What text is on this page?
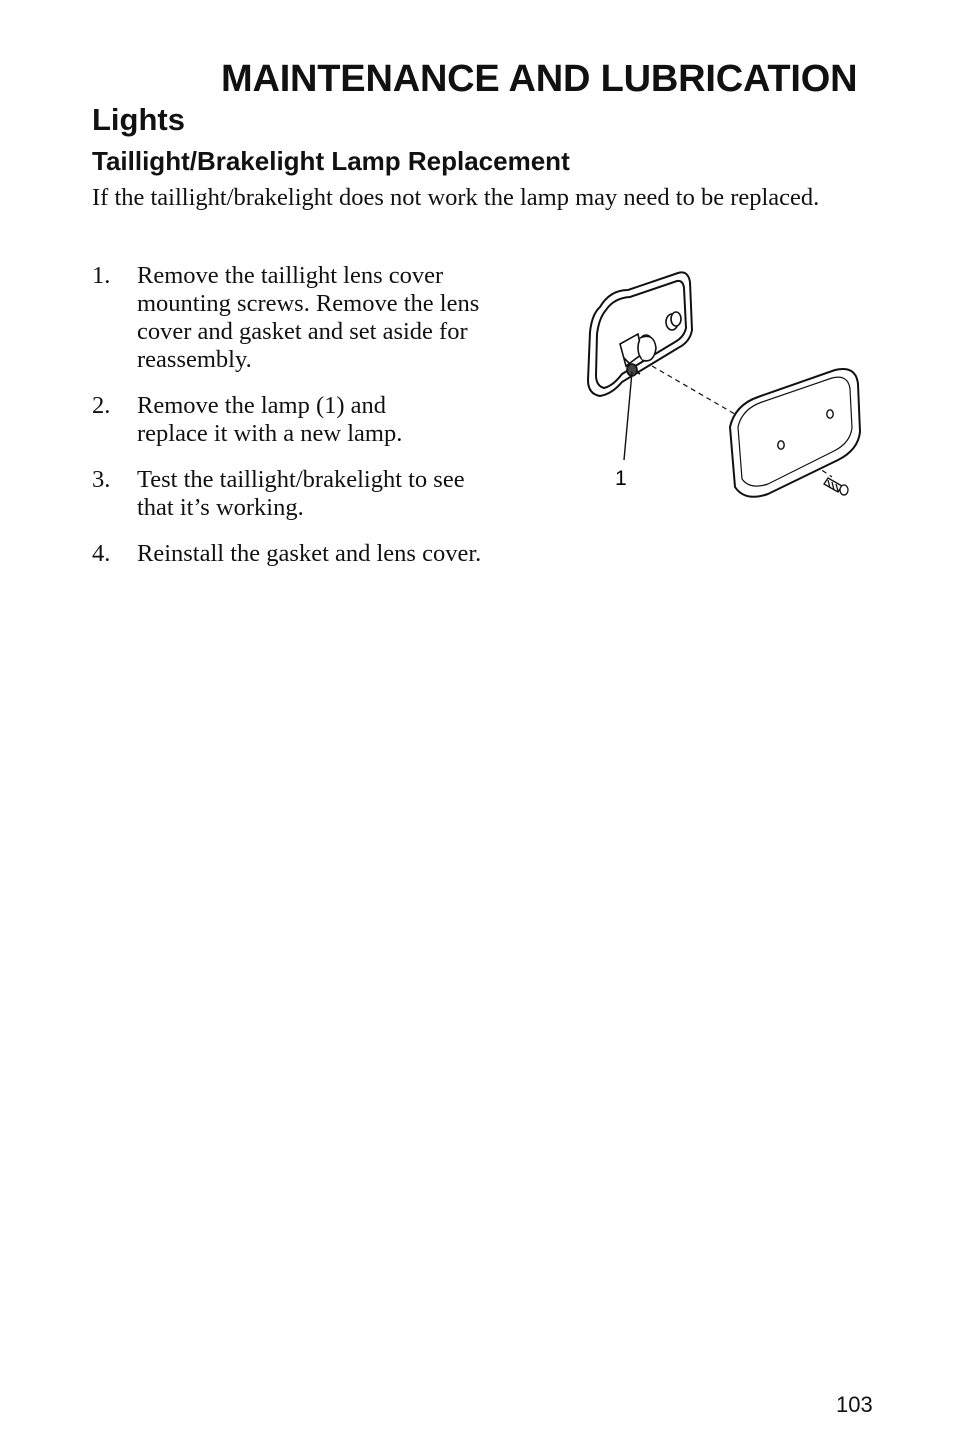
MAINTENANCE AND LUBRICATION
Lights
Taillight/Brakelight Lamp Replacement

If the taillight/brakelight does not work the lamp may need to be replaced.

1. Remove the taillight lens cover mounting screws. Remove the lens cover and gasket and set aside for reassembly.
2. Remove the lamp (1) and replace it with a new lamp.
3. Test the taillight/brakelight to see that it’s working.
4. Reinstall the gasket and lens cover.
1

103
